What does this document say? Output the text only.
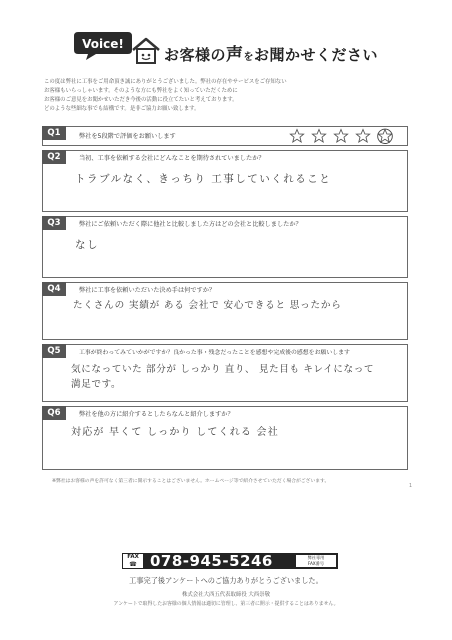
Voice!
お客様の声をお聞かせください
この度は弊社に工事をご用命頂き誠にありがとうございました。弊社の存在やサービスをご存知ない
お客様もいらっしゃいます。そのような方にも弊社をよく知っていただくために
お客様のご意見をお聞かせいただき今後の活動に役立てたいと考えております。
どのような些細な事でも結構です。是非ご協力お願い致します。
Q1	弊社を5段階で評価をお願いします
Q2	当初、工事を依頼する会社にどんなことを期待されていましたか？
トラブルなく、きっちり 工事していくれること
Q3	弊社にご依頼いただく際に他社と比較しました方はどの会社と比較しましたか？
なし
Q4	弊社に工事を依頼いただいた決め手は何ですか？
たくさんの 実績が ある 会社で 安心できると 思ったから
Q5	工事が終わってみていかがですか？良かった事・残念だったことを感想や完成後の感想をお願いします
気になっていた 部分が しっかり 直り、 見た目も キレイになって
満足です。
Q6	弊社を他の方に紹介するとしたらなんと紹介しますか？
対応が 早くて しっかり してくれる 会社
※弊社はお客様の声を許可なく第三者に開示することはございません。ホームページ等で紹介させていただく場合がございます。
1
FAX
☎ 078-945-5246	弊社専用
FAX番号
工事完了後アンケートへのご協力ありがとうございました。
株式会社大西五代表取締役 大西崇敬
アンケートで取得したお客様の個人情報は適切に管理し、第三者に開示・提供することはありません。
